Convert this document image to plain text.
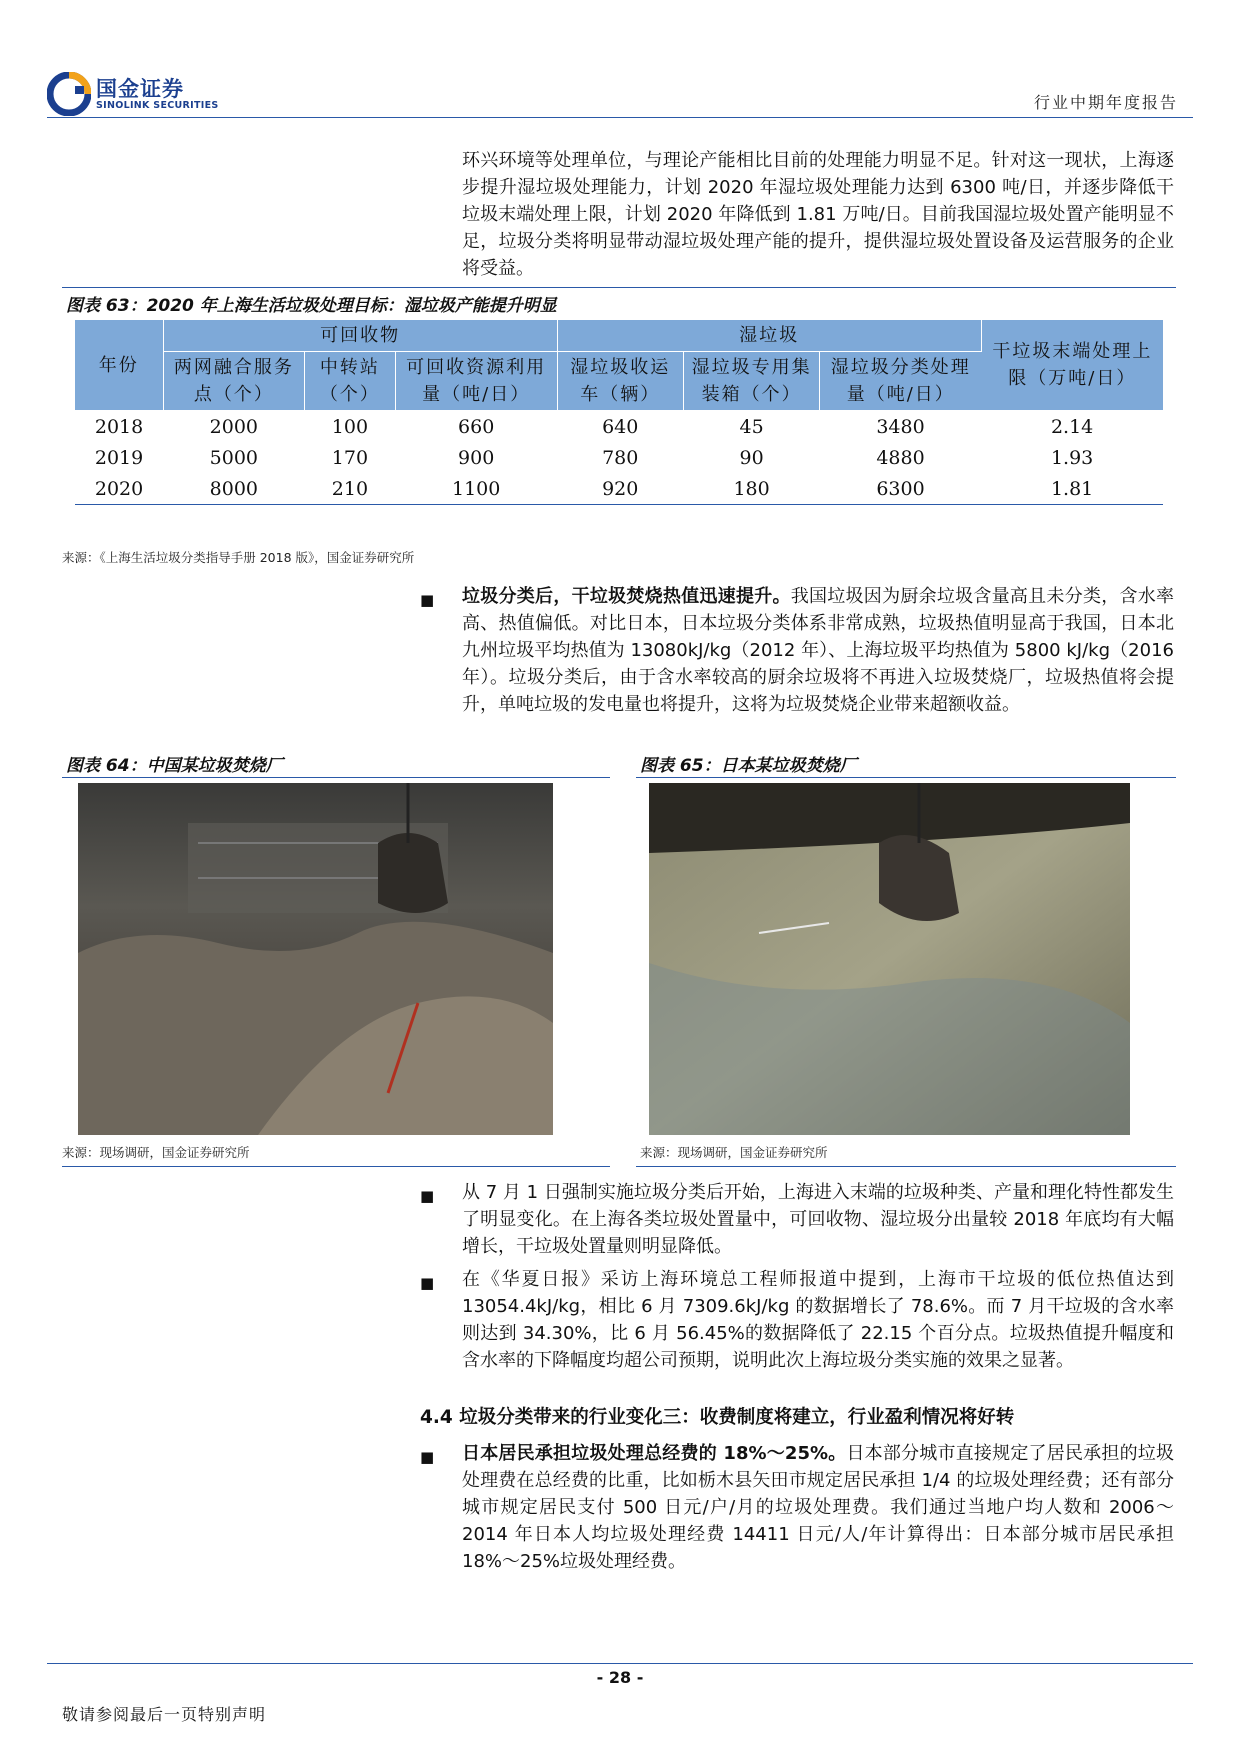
国金证券
SINOLINK SECURITIES	行业中期年度报告

环兴环境等处理单位，与理论产能相比目前的处理能力明显不足。针对这一现状，上海逐步提升湿垃圾处理能力，计划 2020 年湿垃圾处理能力达到 6300 吨/日，并逐步降低干垃圾末端处理上限，计划 2020 年降低到 1.81 万吨/日。目前我国湿垃圾处置产能明显不足，垃圾分类将明显带动湿垃圾处理产能的提升，提供湿垃圾处置设备及运营服务的企业将受益。

图表 63：2020 年上海生活垃圾处理目标：湿垃圾产能提升明显
年份	可回收物			湿垃圾			干垃圾末端处理上限（万吨/日）
	两网融合服务点（个）	中转站（个）	可回收资源利用量（吨/日）	湿垃圾收运车（辆）	湿垃圾专用集装箱（个）	湿垃圾分类处理量（吨/日）	
2018	2000	100	660	640	45	3480	2.14
2019	5000	170	900	780	90	4880	1.93
2020	8000	210	1100	920	180	6300	1.81
来源：《上海生活垃圾分类指导手册 2018 版》，国金证券研究所
■ 垃圾分类后，干垃圾焚烧热值迅速提升。我国垃圾因为厨余垃圾含量高且未分类，含水率高、热值偏低。对比日本，日本垃圾分类体系非常成熟，垃圾热值明显高于我国，日本北九州垃圾平均热值为 13080kJ/kg（2012 年）、上海垃圾平均热值为 5800 kJ/kg（2016 年）。垃圾分类后，由于含水率较高的厨余垃圾将不再进入垃圾焚烧厂，垃圾热值将会提升，单吨垃圾的发电量也将提升，这将为垃圾焚烧企业带来超额收益。

图表 64：中国某垃圾焚烧厂	图表 65：日本某垃圾焚烧厂
来源：现场调研，国金证券研究所	来源：现场调研，国金证券研究所
■ 从 7 月 1 日强制实施垃圾分类后开始，上海进入末端的垃圾种类、产量和理化特性都发生了明显变化。在上海各类垃圾处置量中，可回收物、湿垃圾分出量较 2018 年底均有大幅增长，干垃圾处置量则明显降低。

■ 在《华夏日报》采访上海环境总工程师报道中提到，上海市干垃圾的低位热值达到 13054.4kJ/kg，相比 6 月 7309.6kJ/kg 的数据增长了 78.6%。而 7 月干垃圾的含水率则达到 34.30%，比 6 月 56.45%的数据降低了 22.15 个百分点。垃圾热值提升幅度和含水率的下降幅度均超公司预期，说明此次上海垃圾分类实施的效果之显著。

4.4 垃圾分类带来的行业变化三：收费制度将建立，行业盈利情况将好转
■ 日本居民承担垃圾处理总经费的 18%～25%。日本部分城市直接规定了居民承担的垃圾处理费在总经费的比重，比如栃木县矢田市规定居民承担 1/4 的垃圾处理经费；还有部分城市规定居民支付 500 日元/户/月的垃圾处理费。我们通过当地户均人数和 2006～2014 年日本人均垃圾处理经费 14411 日元/人/年计算得出：日本部分城市居民承担 18%～25%垃圾处理经费。

- 28 -
敬请参阅最后一页特别声明
